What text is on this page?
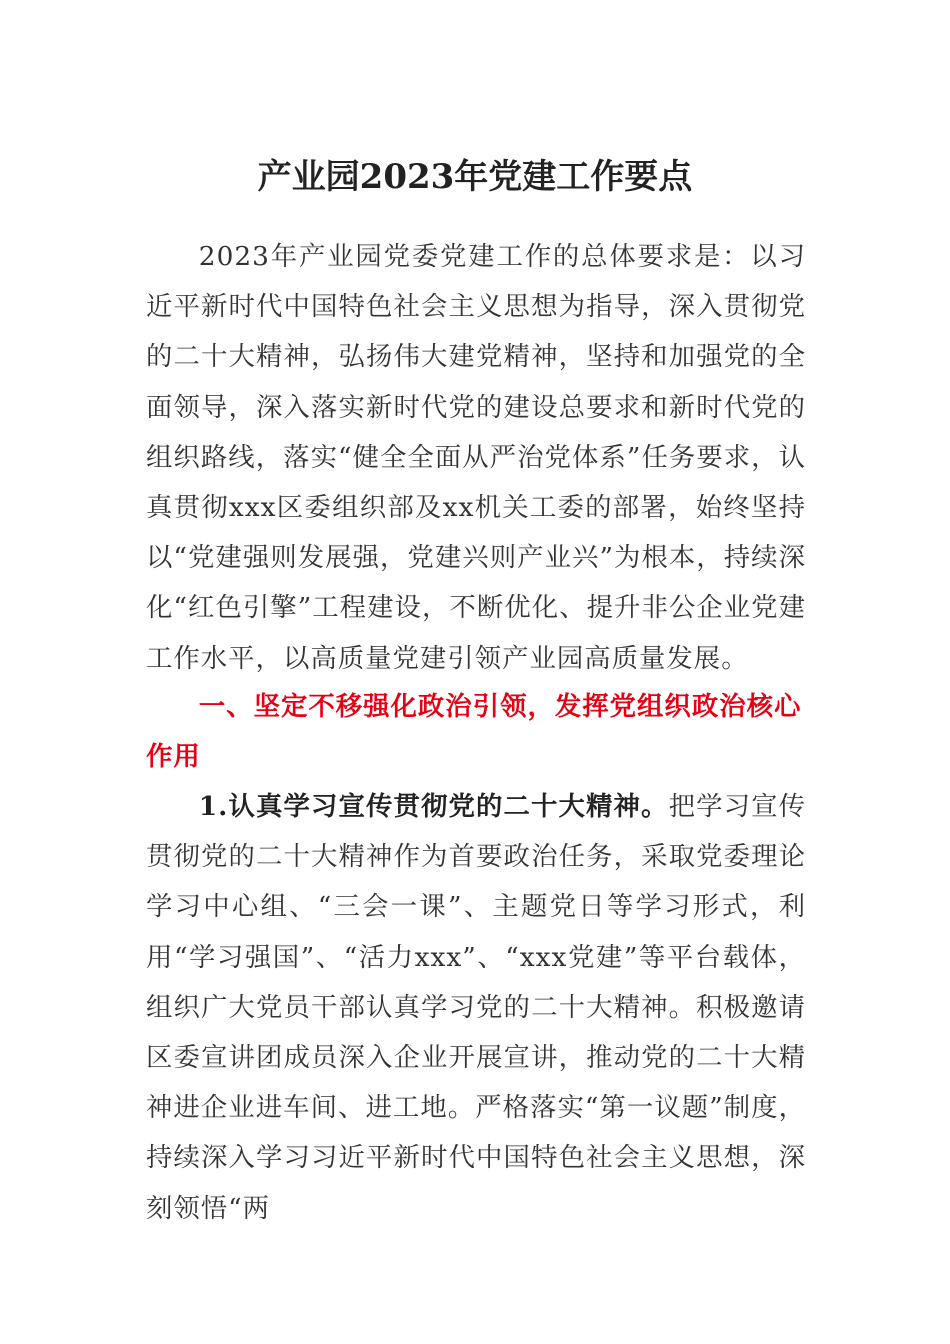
产业园2023年党建工作要点
2023年产业园党委党建工作的总体要求是：以习近平新时代中国特色社会主义思想为指导，深入贯彻党的二十大精神，弘扬伟大建党精神，坚持和加强党的全面领导，深入落实新时代党的建设总要求和新时代党的组织路线，落实“健全全面从严治党体系”任务要求，认真贯彻xxx区委组织部及xx机关工委的部署，始终坚持以“党建强则发展强，党建兴则产业兴”为根本，持续深化“红色引擎”工程建设，不断优化、提升非公企业党建工作水平，以高质量党建引领产业园高质量发展。
一、坚定不移强化政治引领，发挥党组织政治核心作用
1.认真学习宣传贯彻党的二十大精神。把学习宣传贯彻党的二十大精神作为首要政治任务，采取党委理论学习中心组、“三会一课”、主题党日等学习形式，利用“学习强国”、“活力xxx”、“xxx党建”等平台载体，组织广大党员干部认真学习党的二十大精神。积极邀请区委宣讲团成员深入企业开展宣讲，推动党的二十大精神进企业进车间、进工地。严格落实“第一议题”制度，持续深入学习习近平新时代中国特色社会主义思想，深刻领悟“两
